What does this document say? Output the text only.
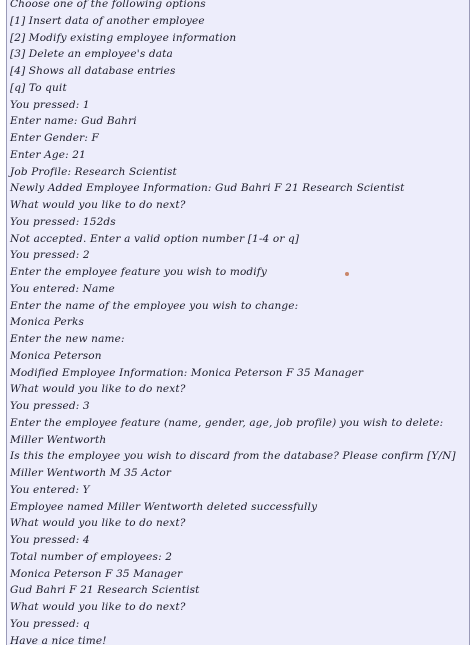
Choose one of the following options
[1] Insert data of another employee
[2] Modify existing employee information
[3] Delete an employee's data
[4] Shows all database entries
[q] To quit
You pressed: 1
Enter name: Gud Bahri
Enter Gender: F
Enter Age: 21
Job Profile: Research Scientist
Newly Added Employee Information: Gud Bahri F 21 Research Scientist
What would you like to do next?
You pressed: 152ds
Not accepted. Enter a valid option number [1-4 or q]
You pressed: 2
Enter the employee feature you wish to modify
You entered: Name
Enter the name of the employee you wish to change:
Monica Perks
Enter the new name:
Monica Peterson
Modified Employee Information: Monica Peterson F 35 Manager
What would you like to do next?
You pressed: 3
Enter the employee feature (name, gender, age, job profile) you wish to delete:
Miller Wentworth
Is this the employee you wish to discard from the database? Please confirm [Y/N]
Miller Wentworth M 35 Actor
You entered: Y
Employee named Miller Wentworth deleted successfully
What would you like to do next?
You pressed: 4
Total number of employees: 2
Monica Peterson F 35 Manager
Gud Bahri F 21 Research Scientist
What would you like to do next?
You pressed: q
Have a nice time!
